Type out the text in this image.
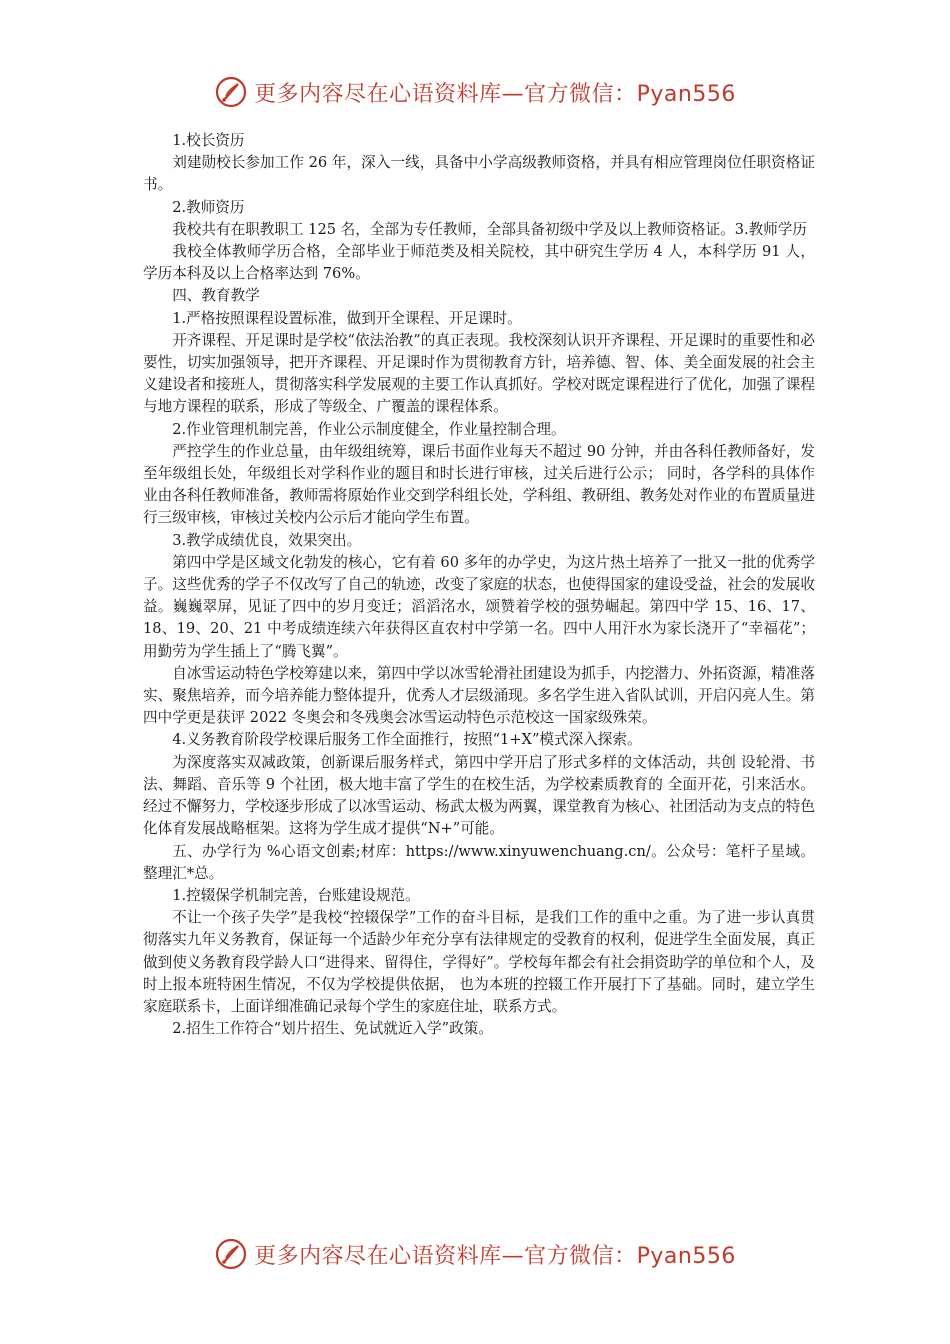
更多内容尽在心语资料库—官方微信：Pyan556

1.校长资历

刘建勋校长参加工作 26 年，深入一线，具备中小学高级教师资格，并具有相应管理岗位任职资格证书。

2.教师资历

我校共有在职教职工 125 名，全部为专任教师，全部具备初级中学及以上教师资格证。3.教师学历

我校全体教师学历合格，全部毕业于师范类及相关院校，其中研究生学历 4 人，本科学历 91 人，学历本科及以上合格率达到 76%。

四、教育教学

1.严格按照课程设置标准，做到开全课程、开足课时。

开齐课程、开足课时是学校“依法治教”的真正表现。我校深刻认识开齐课程、开足课时的重要性和必要性，切实加强领导，把开齐课程、开足课时作为贯彻教育方针，培养德、智、体、美全面发展的社会主义建设者和接班人，贯彻落实科学发展观的主要工作认真抓好。学校对既定课程进行了优化，加强了课程与地方课程的联系，形成了等级全、广覆盖的课程体系。

2.作业管理机制完善，作业公示制度健全，作业量控制合理。

严控学生的作业总量，由年级组统筹，课后书面作业每天不超过 90 分钟，并由各科任教师备好，发至年级组长处，年级组长对学科作业的题目和时长进行审核，过关后进行公示； 同时，各学科的具体作业由各科任教师准备，教师需将原始作业交到学科组长处，学科组、教研组、教务处对作业的布置质量进行三级审核，审核过关校内公示后才能向学生布置。

3.教学成绩优良，效果突出。

第四中学是区域文化勃发的核心，它有着 60 多年的办学史，为这片热土培养了一批又一批的优秀学子。这些优秀的学子不仅改写了自己的轨迹，改变了家庭的状态，也使得国家的建设受益，社会的发展收益。巍巍翠屏，见证了四中的岁月变迁；滔滔洺水，颂赞着学校的强势崛起。第四中学 15、16、17、18、19、20、21 中考成绩连续六年获得区直农村中学第一名。四中人用汗水为家长浇开了“幸福花”；用勤劳为学生插上了“腾飞翼”。

自冰雪运动特色学校筹建以来，第四中学以冰雪轮滑社团建设为抓手，内挖潜力、外拓资源，精准落实、聚焦培养，而今培养能力整体提升，优秀人才层级涌现。多名学生进入省队试训，开启闪亮人生。第四中学更是获评 2022 冬奥会和冬残奥会冰雪运动特色示范校这一国家级殊荣。

4.义务教育阶段学校课后服务工作全面推行，按照“1+X”模式深入探索。

为深度落实双减政策，创新课后服务样式，第四中学开启了形式多样的文体活动，共创 设轮滑、书法、舞蹈、音乐等 9 个社团，极大地丰富了学生的在校生活，为学校素质教育的 全面开花，引来活水。经过不懈努力，学校逐步形成了以冰雪运动、杨武太极为两翼，课堂教育为核心、社团活动为支点的特色化体育发展战略框架。这将为学生成才提供“N+”可能。

五、办学行为 %心语文创素;材库：https://www.xinyuwenchuang.cn/。公众号：笔杆子星域。整理汇*总。

1.控辍保学机制完善，台账建设规范。

不让一个孩子失学”是我校“控辍保学”工作的奋斗目标，是我们工作的重中之重。为了进一步认真贯彻落实九年义务教育，保证每一个适龄少年充分享有法律规定的受教育的权利，促进学生全面发展，真正做到使义务教育段学龄人口“进得来、留得住，学得好”。学校每年都会有社会捐资助学的单位和个人，及时上报本班特困生情况，不仅为学校提供依据， 也为本班的控辍工作开展打下了基础。同时，建立学生家庭联系卡，上面详细准确记录每个学生的家庭住址，联系方式。

2.招生工作符合“划片招生、免试就近入学”政策。

更多内容尽在心语资料库—官方微信：Pyan556
